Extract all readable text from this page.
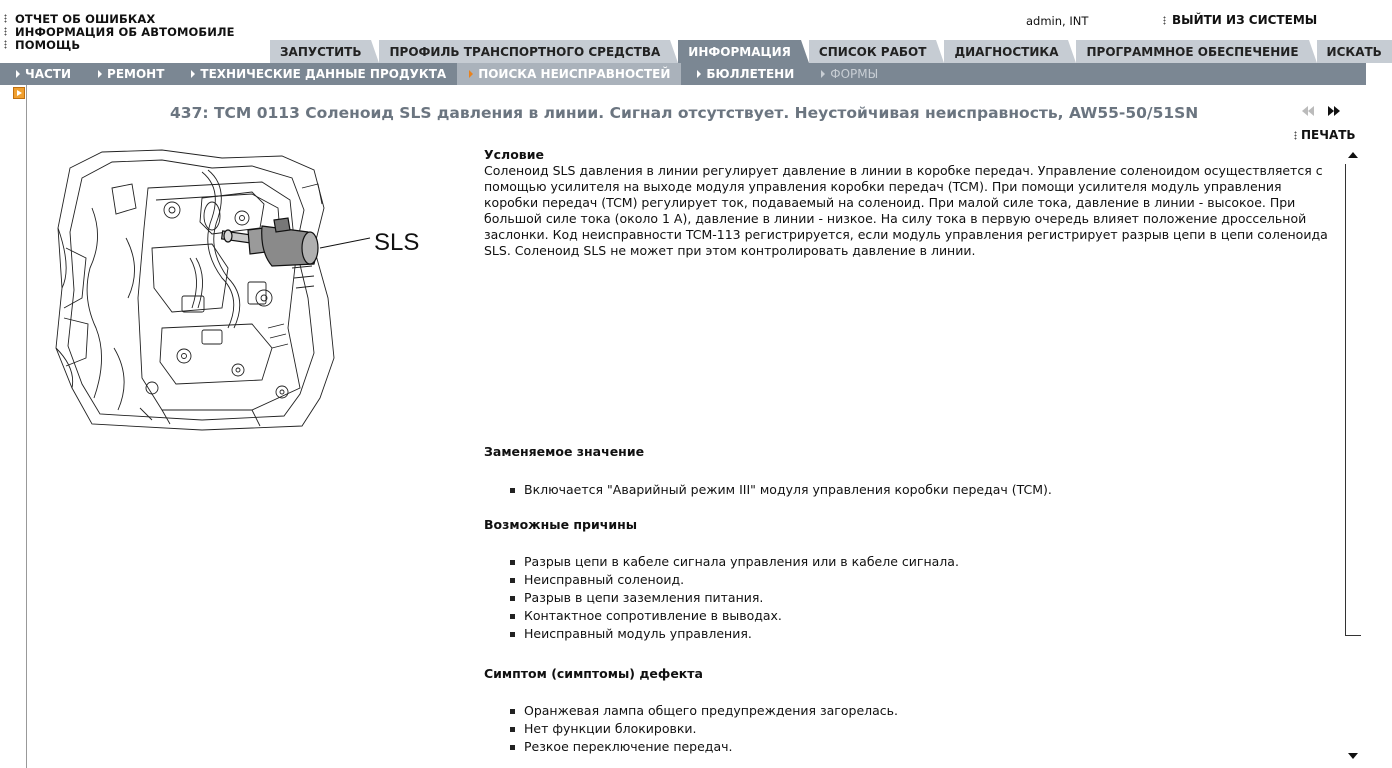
ОТЧЕТ ОБ ОШИБКАХ
ИНФОРМАЦИЯ ОБ АВТОМОБИЛЕ
ПОМОЩЬ
admin, INT	ВЫЙТИ ИЗ СИСТЕМЫ
ЗАПУСТИТЬ	ПРОФИЛЬ ТРАНСПОРТНОГО СРЕДСТВА	ИНФОРМАЦИЯ	СПИСОК РАБОТ	ДИАГНОСТИКА	ПРОГРАММНОЕ ОБЕСПЕЧЕНИЕ	ИСКАТЬ
ЧАСТИ	РЕМОНТ	ТЕХНИЧЕСКИЕ ДАННЫЕ ПРОДУКТА	ПОИСКА НЕИСПРАВНОСТЕЙ	БЮЛЛЕТЕНИ	ФОРМЫ
437: TCM 0113 Соленоид SLS давления в линии. Сигнал отсутствует. Неустойчивая неисправность, AW55-50/51SN
ПЕЧАТЬ
SLS
Условие
Соленоид SLS давления в линии регулирует давление в линии в коробке передач. Управление соленоидом осуществляется с помощью усилителя на выходе модуля управления коробки передач (TCM). При помощи усилителя модуль управления коробки передач (TCM) регулирует ток, подаваемый на соленоид. При малой силе тока, давление в линии - высокое. При большой силе тока (около 1 А), давление в линии - низкое. На силу тока в первую очередь влияет положение дроссельной заслонки. Код неисправности TCM-113 регистрируется, если модуль управления регистрирует разрыв цепи в цепи соленоида SLS. Соленоид SLS не может при этом контролировать давление в линии.
Заменяемое значение
Включается "Аварийный режим III" модуля управления коробки передач (TCM).
Возможные причины
Разрыв цепи в кабеле сигнала управления или в кабеле сигнала.
Неисправный соленоид.
Разрыв в цепи заземления питания.
Контактное сопротивление в выводах.
Неисправный модуль управления.
Симптом (симптомы) дефекта
Оранжевая лампа общего предупреждения загорелась.
Нет функции блокировки.
Резкое переключение передач.
